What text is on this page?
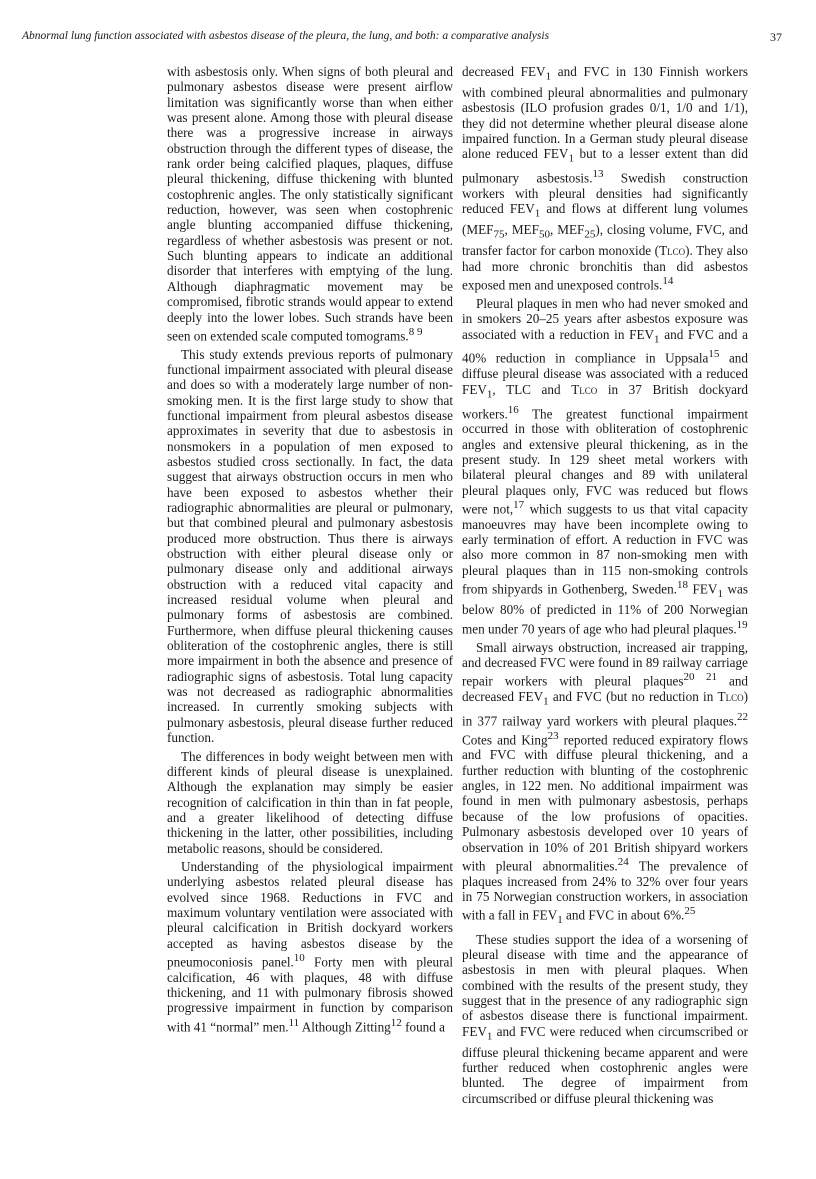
Abnormal lung function associated with asbestos disease of the pleura, the lung, and both: a comparative analysis	37

with asbestosis only. When signs of both pleural and pulmonary asbestos disease were present airflow limitation was significantly worse than when either was present alone. Among those with pleural disease there was a progressive increase in airways obstruction through the different types of disease, the rank order being calcified plaques, plaques, diffuse pleural thickening, diffuse thickening with blunted costophrenic angles. The only statistically significant reduction, however, was seen when costophrenic angle blunting accompanied diffuse thickening, regardless of whether asbestosis was present or not. Such blunting appears to indicate an additional disorder that interferes with emptying of the lung. Although diaphragmatic movement may be compromised, fibrotic strands would appear to extend deeply into the lower lobes. Such strands have been seen on extended scale computed tomograms.$^{8 9}$

This study extends previous reports of pulmonary functional impairment associated with pleural disease and does so with a moderately large number of non-smoking men. It is the first large study to show that functional impairment from pleural asbestos disease approximates in severity that due to asbestosis in nonsmokers in a population of men exposed to asbestos studied cross sectionally. In fact, the data suggest that airways obstruction occurs in men who have been exposed to asbestos whether their radiographic abnormalities are pleural or pulmonary, but that combined pleural and pulmonary asbestosis produced more obstruction. Thus there is airways obstruction with either pleural disease only or pulmonary disease only and additional airways obstruction with a reduced vital capacity and increased residual volume when pleural and pulmonary forms of asbestosis are combined. Furthermore, when diffuse pleural thickening causes obliteration of the costophrenic angles, there is still more impairment in both the absence and presence of radiographic signs of asbestosis. Total lung capacity was not decreased as radiographic abnormalities increased. In currently smoking subjects with pulmonary asbestosis, pleural disease further reduced function.

The differences in body weight between men with different kinds of pleural disease is unexplained. Although the explanation may simply be easier recognition of calcification in thin than in fat people, and a greater likelihood of detecting diffuse thickening in the latter, other possibilities, including metabolic reasons, should be considered.

Understanding of the physiological impairment underlying asbestos related pleural disease has evolved since 1968. Reductions in FVC and maximum voluntary ventilation were associated with pleural calcification in British dockyard workers accepted as having asbestos disease by the pneumoconiosis panel.$^{10}$ Forty men with pleural calcification, 46 with plaques, 48 with diffuse thickening, and 11 with pulmonary fibrosis showed progressive impairment in function by comparison with 41 “normal” men.$^{11}$ Although Zitting$^{12}$ found a

decreased $FEV_1$ and FVC in 130 Finnish workers with combined pleural abnormalities and pulmonary asbestosis (ILO profusion grades 0/1, 1/0 and 1/1), they did not determine whether pleural disease alone impaired function. In a German study pleural disease alone reduced $FEV_1$ but to a lesser extent than did pulmonary asbestosis.$^{13}$ Swedish construction workers with pleural densities had significantly reduced $FEV_1$ and flows at different lung volumes ($MEF_{75}$, $MEF_{50}$, $MEF_{25}$), closing volume, FVC, and transfer factor for carbon monoxide (Tlco). They also had more chronic bronchitis than did asbestos exposed men and unexposed controls.$^{14}$

Pleural plaques in men who had never smoked and in smokers 20–25 years after asbestos exposure was associated with a reduction in $FEV_1$ and FVC and a 40% reduction in compliance in Uppsala$^{15}$ and diffuse pleural disease was associated with a reduced $FEV_1$, TLC and Tlco in 37 British dockyard workers.$^{16}$ The greatest functional impairment occurred in those with obliteration of costophrenic angles and extensive pleural thickening, as in the present study. In 129 sheet metal workers with bilateral pleural changes and 89 with unilateral pleural plaques only, FVC was reduced but flows were not,$^{17}$ which suggests to us that vital capacity manoeuvres may have been incomplete owing to early termination of effort. A reduction in FVC was also more common in 87 non-smoking men with pleural plaques than in 115 non-smoking controls from shipyards in Gothenberg, Sweden.$^{18}$ $FEV_1$ was below 80% of predicted in 11% of 200 Norwegian men under 70 years of age who had pleural plaques.$^{19}$

Small airways obstruction, increased air trapping, and decreased FVC were found in 89 railway carriage repair workers with pleural plaques$^{20 21}$ and decreased $FEV_1$ and FVC (but no reduction in Tlco) in 377 railway yard workers with pleural plaques.$^{22}$ Cotes and King$^{23}$ reported reduced expiratory flows and FVC with diffuse pleural thickening, and a further reduction with blunting of the costophrenic angles, in 122 men. No additional impairment was found in men with pulmonary asbestosis, perhaps because of the low profusions of opacities. Pulmonary asbestosis developed over 10 years of observation in 10% of 201 British shipyard workers with pleural abnormalities.$^{24}$ The prevalence of plaques increased from 24% to 32% over four years in 75 Norwegian construction workers, in association with a fall in $FEV_1$ and FVC in about 6%.$^{25}$

These studies support the idea of a worsening of pleural disease with time and the appearance of asbestosis in men with pleural plaques. When combined with the results of the present study, they suggest that in the presence of any radiographic sign of asbestos disease there is functional impairment. $FEV_1$ and FVC were reduced when circumscribed or diffuse pleural thickening became apparent and were further reduced when costophrenic angles were blunted. The degree of impairment from circumscribed or diffuse pleural thickening was
